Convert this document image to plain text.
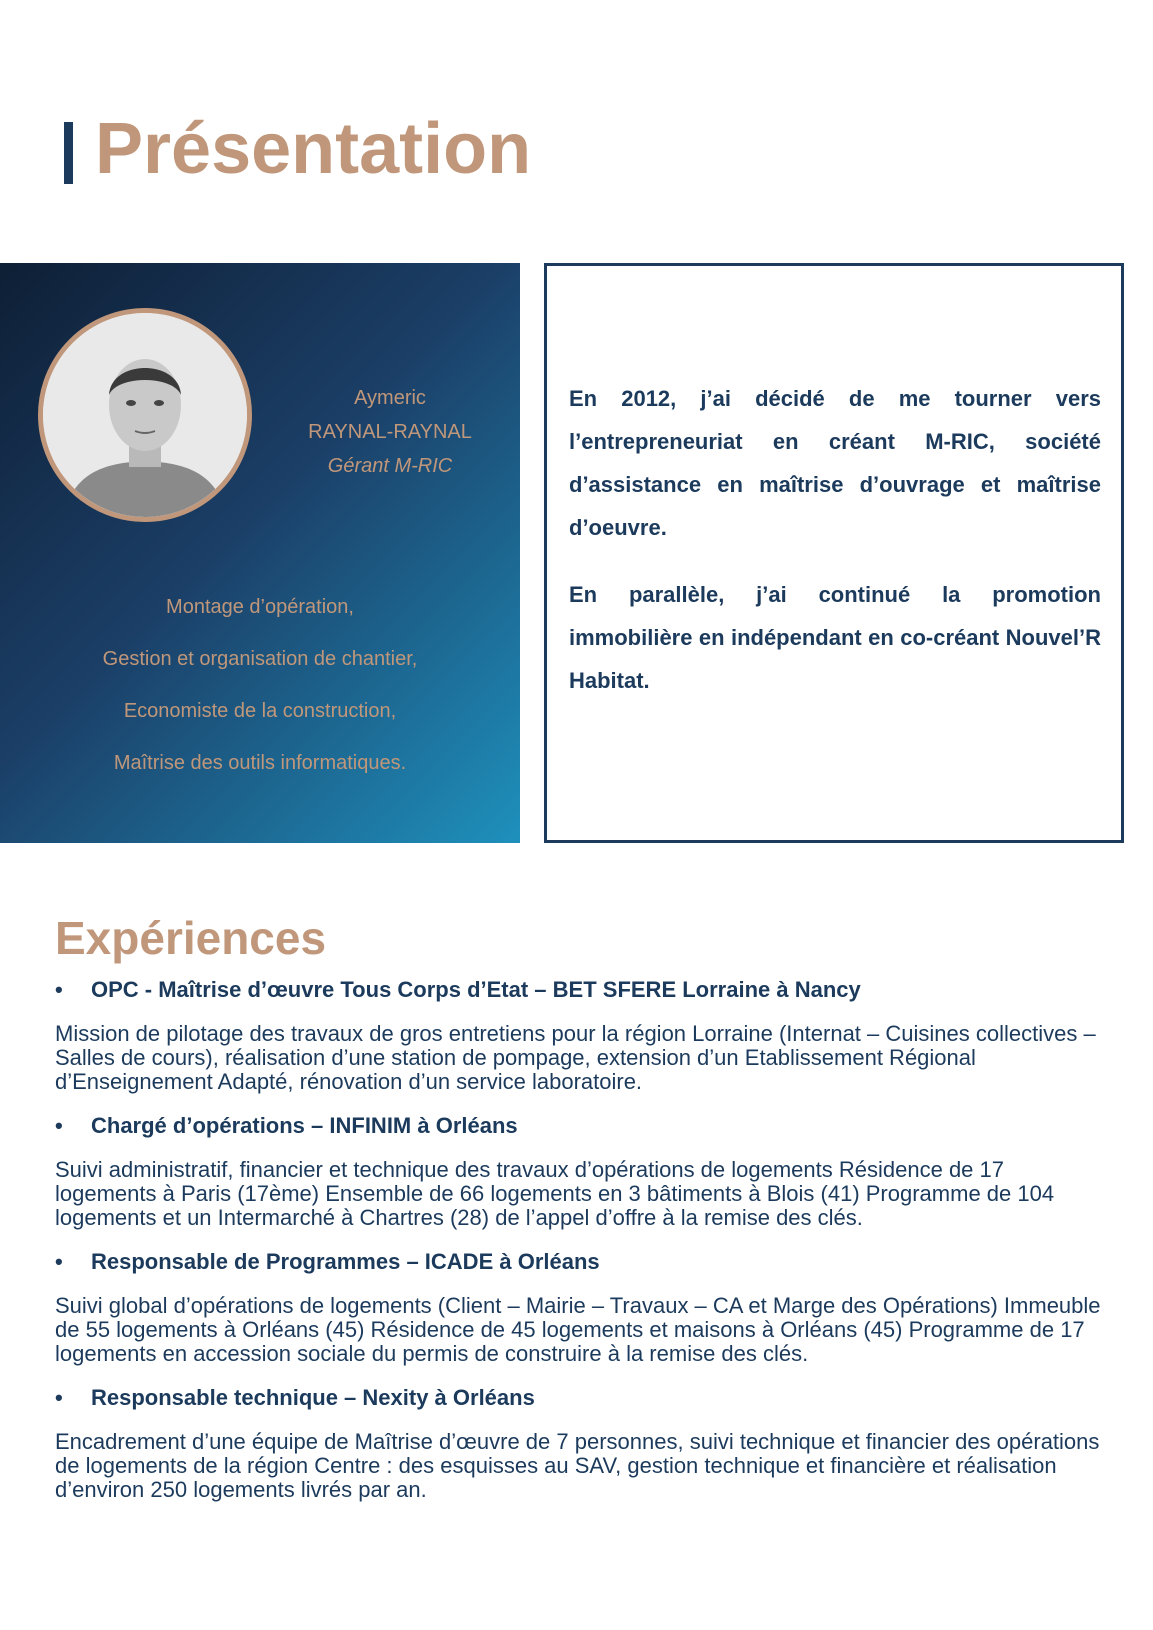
Présentation
Aymeric
RAYNAL-RAYNAL
Gérant M-RIC
Montage d’opération,
Gestion et organisation de chantier,
Economiste de la construction,
Maîtrise des outils informatiques.

En 2012, j’ai décidé de me tourner vers l’entrepreneuriat en créant M-RIC, société d’assistance en maîtrise d’ouvrage et maîtrise d’oeuvre.

En parallèle, j’ai continué la promotion immobilière en indépendant en co-créant Nouvel’R Habitat.

Expériences
• OPC - Maîtrise d’œuvre Tous Corps d’Etat – BET SFERE Lorraine à Nancy
Mission de pilotage des travaux de gros entretiens pour la région Lorraine (Internat – Cuisines collectives – Salles de cours), réalisation d’une station de pompage, extension d’un Etablissement Régional d’Enseignement Adapté, rénovation d’un service laboratoire.
• Chargé d’opérations – INFINIM à Orléans
Suivi administratif, financier et technique des travaux d’opérations de logements Résidence de 17 logements à Paris (17ème) Ensemble de 66 logements en 3 bâtiments à Blois (41) Programme de 104 logements et un Intermarché à Chartres (28) de l’appel d’offre à la remise des clés.
• Responsable de Programmes – ICADE à Orléans
Suivi global d’opérations de logements (Client – Mairie – Travaux – CA et Marge des Opérations) Immeuble de 55 logements à Orléans (45) Résidence de 45 logements et maisons à Orléans (45) Programme de 17 logements en accession sociale du permis de construire à la remise des clés.
• Responsable technique – Nexity à Orléans
Encadrement d’une équipe de Maîtrise d’œuvre de 7 personnes, suivi technique et financier des opérations de logements de la région Centre : des esquisses au SAV, gestion technique et financière et réalisation d’environ 250 logements livrés par an.
